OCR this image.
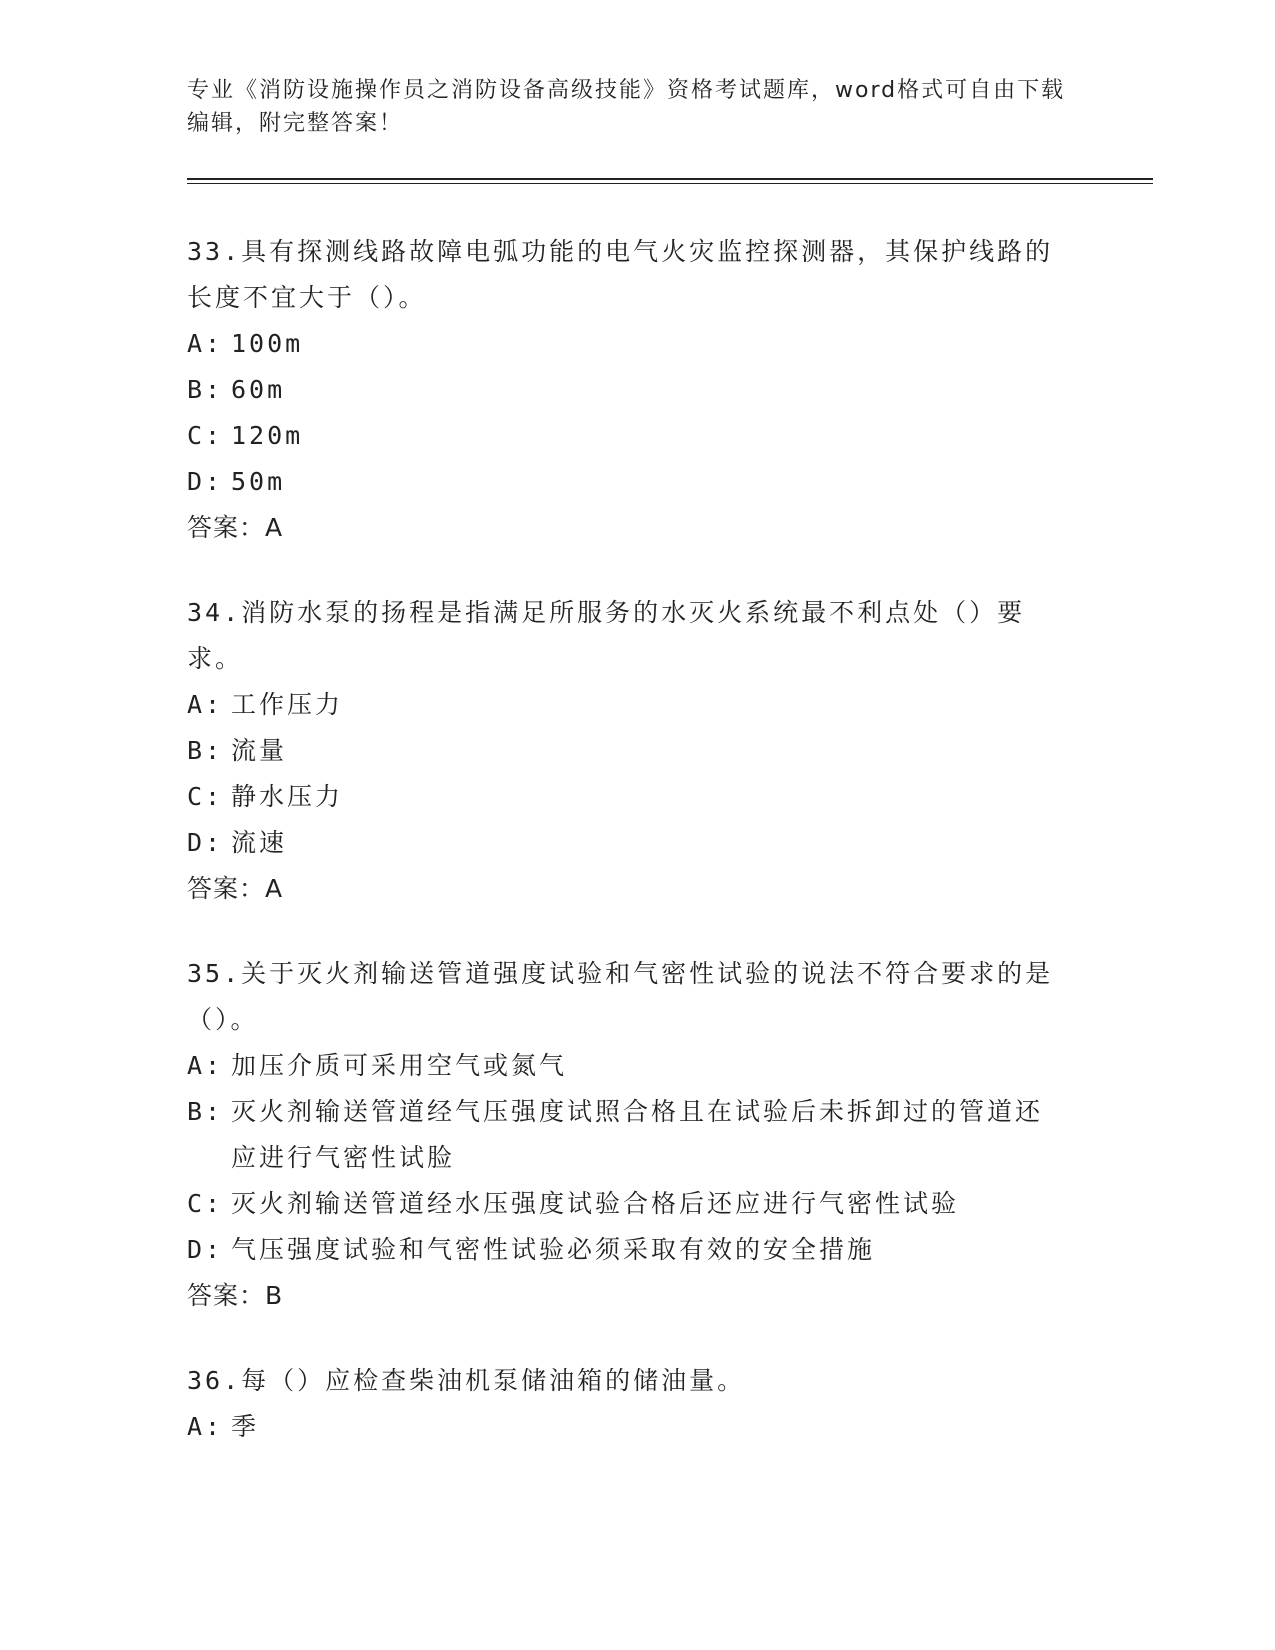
专业《消防设施操作员之消防设备高级技能》资格考试题库，word格式可自由下载编辑，附完整答案！

33.具有探测线路故障电弧功能的电气火灾监控探测器，其保护线路的长度不宜大于（）。

A: 100m

B: 60m

C: 120m

D: 50m

答案：A

34.消防水泵的扬程是指满足所服务的水灭火系统最不利点处（）要求。

A: 工作压力

B: 流量

C: 静水压力

D: 流速

答案：A

35.关于灭火剂输送管道强度试验和气密性试验的说法不符合要求的是（）。

A: 加压介质可采用空气或氮气

B: 灭火剂输送管道经气压强度试照合格且在试验后未拆卸过的管道还应进行气密性试脸

C: 灭火剂输送管道经水压强度试验合格后还应进行气密性试验

D: 气压强度试验和气密性试验必须采取有效的安全措施

答案：B

36.每（）应检查柴油机泵储油箱的储油量。

A: 季
